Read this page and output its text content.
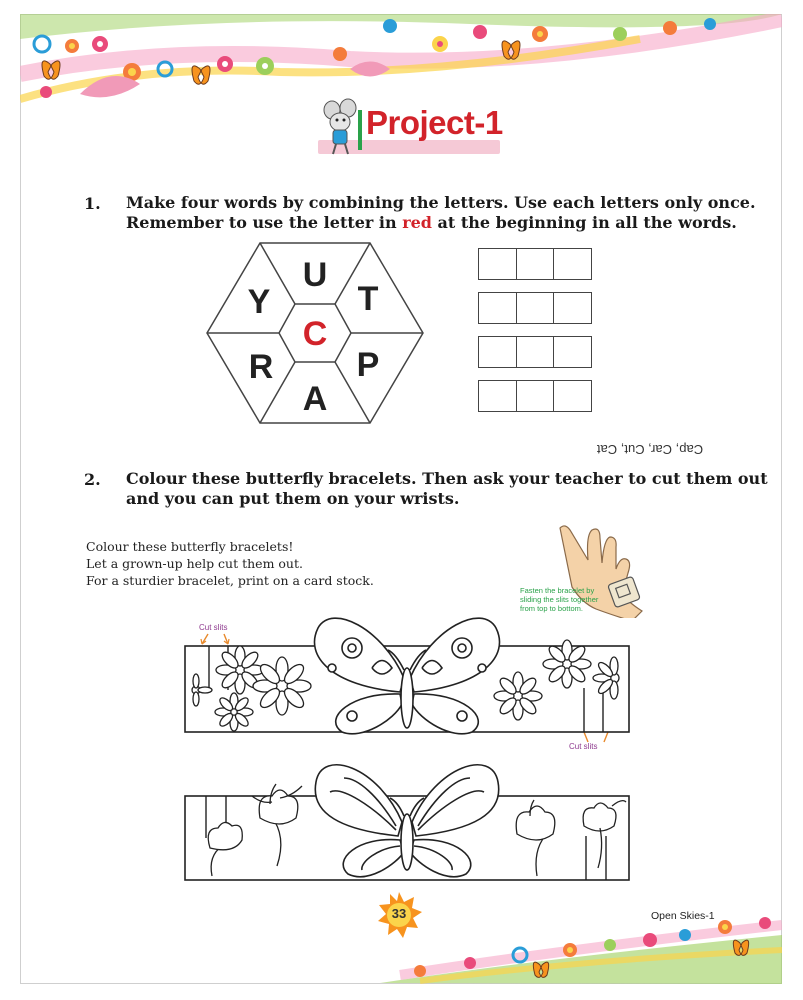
Project-1
1. Make four words by combining the letters. Use each letters only once.
Remember to use the letter in red at the beginning in all the words.
U
T
P
A
R
Y
C
Cap, Car, Cut, Cat
2. Colour these butterfly bracelets. Then ask your teacher to cut them out
and you can put them on your wrists.
Colour these butterfly bracelets!
Let a grown-up help cut them out.
For a sturdier bracelet, print on a card stock.
Fasten the bracelet by
sliding the slits together
from top to bottom.
Cut slits
Cut slits
33	Open Skies-1
